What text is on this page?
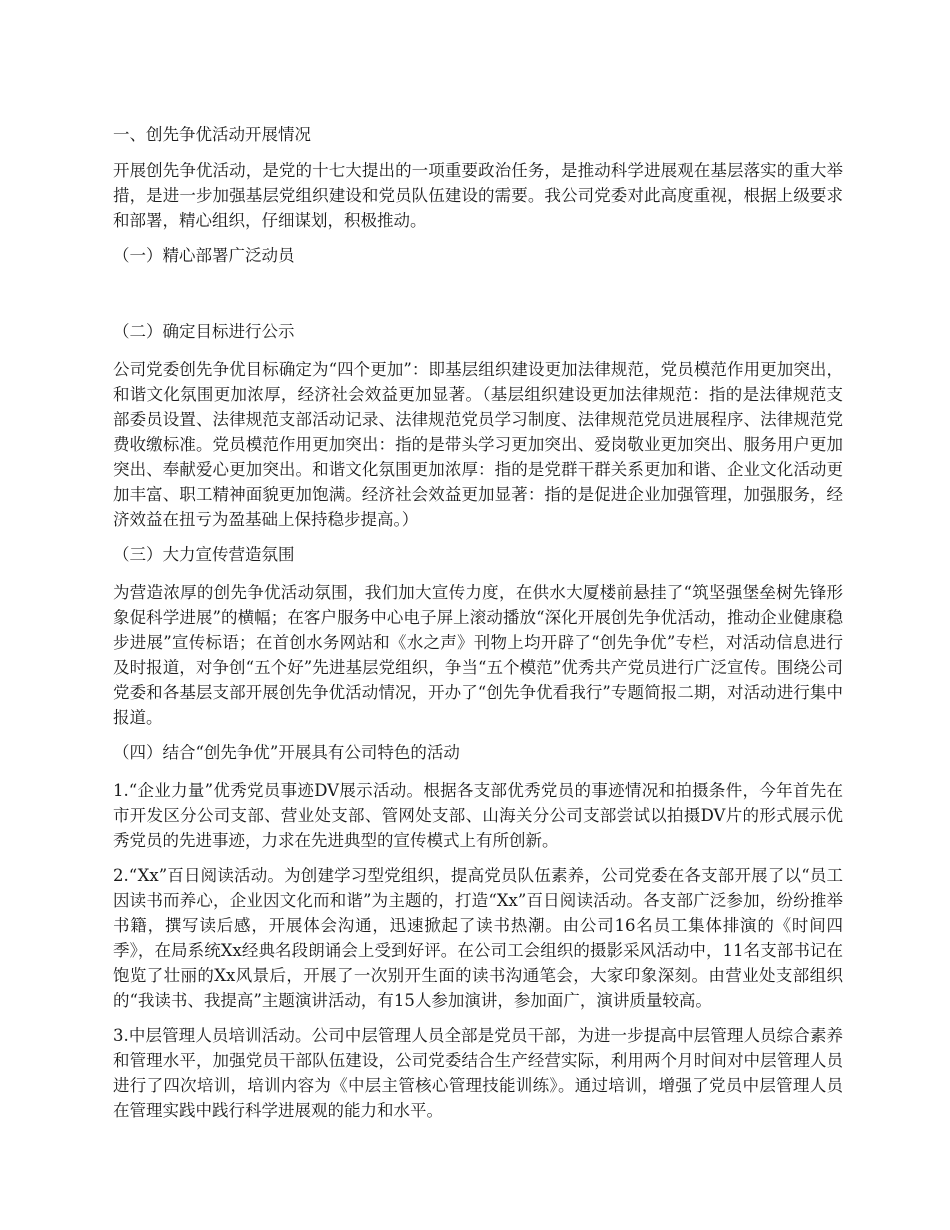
一、创先争优活动开展情况

开展创先争优活动，是党的十七大提出的一项重要政治任务，是推动科学进展观在基层落实的重大举措，是进一步加强基层党组织建设和党员队伍建设的需要。我公司党委对此高度重视，根据上级要求和部署，精心组织，仔细谋划，积极推动。

（一）精心部署广泛动员
（二）确定目标进行公示

公司党委创先争优目标确定为“四个更加”：即基层组织建设更加法律规范，党员模范作用更加突出，和谐文化氛围更加浓厚，经济社会效益更加显著。（基层组织建设更加法律规范：指的是法律规范支部委员设置、法律规范支部活动记录、法律规范党员学习制度、法律规范党员进展程序、法律规范党费收缴标准。党员模范作用更加突出：指的是带头学习更加突出、爱岗敬业更加突出、服务用户更加突出、奉献爱心更加突出。和谐文化氛围更加浓厚：指的是党群干群关系更加和谐、企业文化活动更加丰富、职工精神面貌更加饱满。经济社会效益更加显著：指的是促进企业加强管理，加强服务，经济效益在扭亏为盈基础上保持稳步提高。）

（三）大力宣传营造氛围

为营造浓厚的创先争优活动氛围，我们加大宣传力度，在供水大厦楼前悬挂了“筑坚强堡垒树先锋形象促科学进展”的横幅；在客户服务中心电子屏上滚动播放“深化开展创先争优活动，推动企业健康稳步进展”宣传标语；在首创水务网站和《水之声》刊物上均开辟了“创先争优”专栏，对活动信息进行及时报道，对争创“五个好”先进基层党组织，争当“五个模范”优秀共产党员进行广泛宣传。围绕公司党委和各基层支部开展创先争优活动情况，开办了“创先争优看我行”专题简报二期，对活动进行集中报道。

（四）结合“创先争优”开展具有公司特色的活动

1.“企业力量”优秀党员事迹DV展示活动。根据各支部优秀党员的事迹情况和拍摄条件，今年首先在市开发区分公司支部、营业处支部、管网处支部、山海关分公司支部尝试以拍摄DV片的形式展示优秀党员的先进事迹，力求在先进典型的宣传模式上有所创新。

2.“Xx”百日阅读活动。为创建学习型党组织，提高党员队伍素养，公司党委在各支部开展了以“员工因读书而养心，企业因文化而和谐”为主题的，打造“Xx”百日阅读活动。各支部广泛参加，纷纷推举书籍，撰写读后感，开展体会沟通，迅速掀起了读书热潮。由公司16名员工集体排演的《时间四季》，在局系统Xx经典名段朗诵会上受到好评。在公司工会组织的摄影采风活动中，11名支部书记在饱览了壮丽的Xx风景后，开展了一次别开生面的读书沟通笔会，大家印象深刻。由营业处支部组织的“我读书、我提高”主题演讲活动，有15人参加演讲，参加面广，演讲质量较高。

3.中层管理人员培训活动。公司中层管理人员全部是党员干部，为进一步提高中层管理人员综合素养和管理水平，加强党员干部队伍建设，公司党委结合生产经营实际，利用两个月时间对中层管理人员进行了四次培训，培训内容为《中层主管核心管理技能训练》。通过培训，增强了党员中层管理人员在管理实践中践行科学进展观的能力和水平。
